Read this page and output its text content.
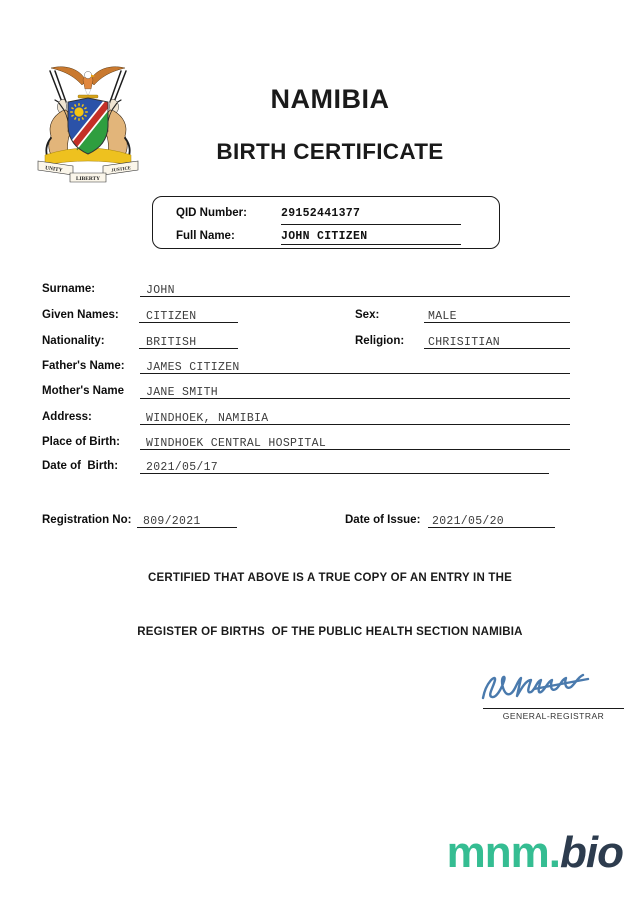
UNITY	JUSTICE
LIBERTY
NAMIBIA
BIRTH CERTIFICATE
QID Number:	29152441377
Full Name:	JOHN CITIZEN
Surname:	JOHN
Given Names: CITIZEN	Sex:	MALE
Nationality:	BRITISH	Religion: CHRISITIAN
Father's Name: JAMES CITIZEN
Mother's Name JANE SMITH
Address:	WINDHOEK, NAMIBIA
Place of Birth: WINDHOEK CENTRAL HOSPITAL
Date of  Birth: 2021/05/17
Registration No: 809/2021	Date of Issue: 2021/05/20
CERTIFIED THAT ABOVE IS A TRUE COPY OF AN ENTRY IN THE
REGISTER OF BIRTHS  OF THE PUBLIC HEALTH SECTION NAMIBIA
GENERAL-REGISTRAR
mnm.bio
